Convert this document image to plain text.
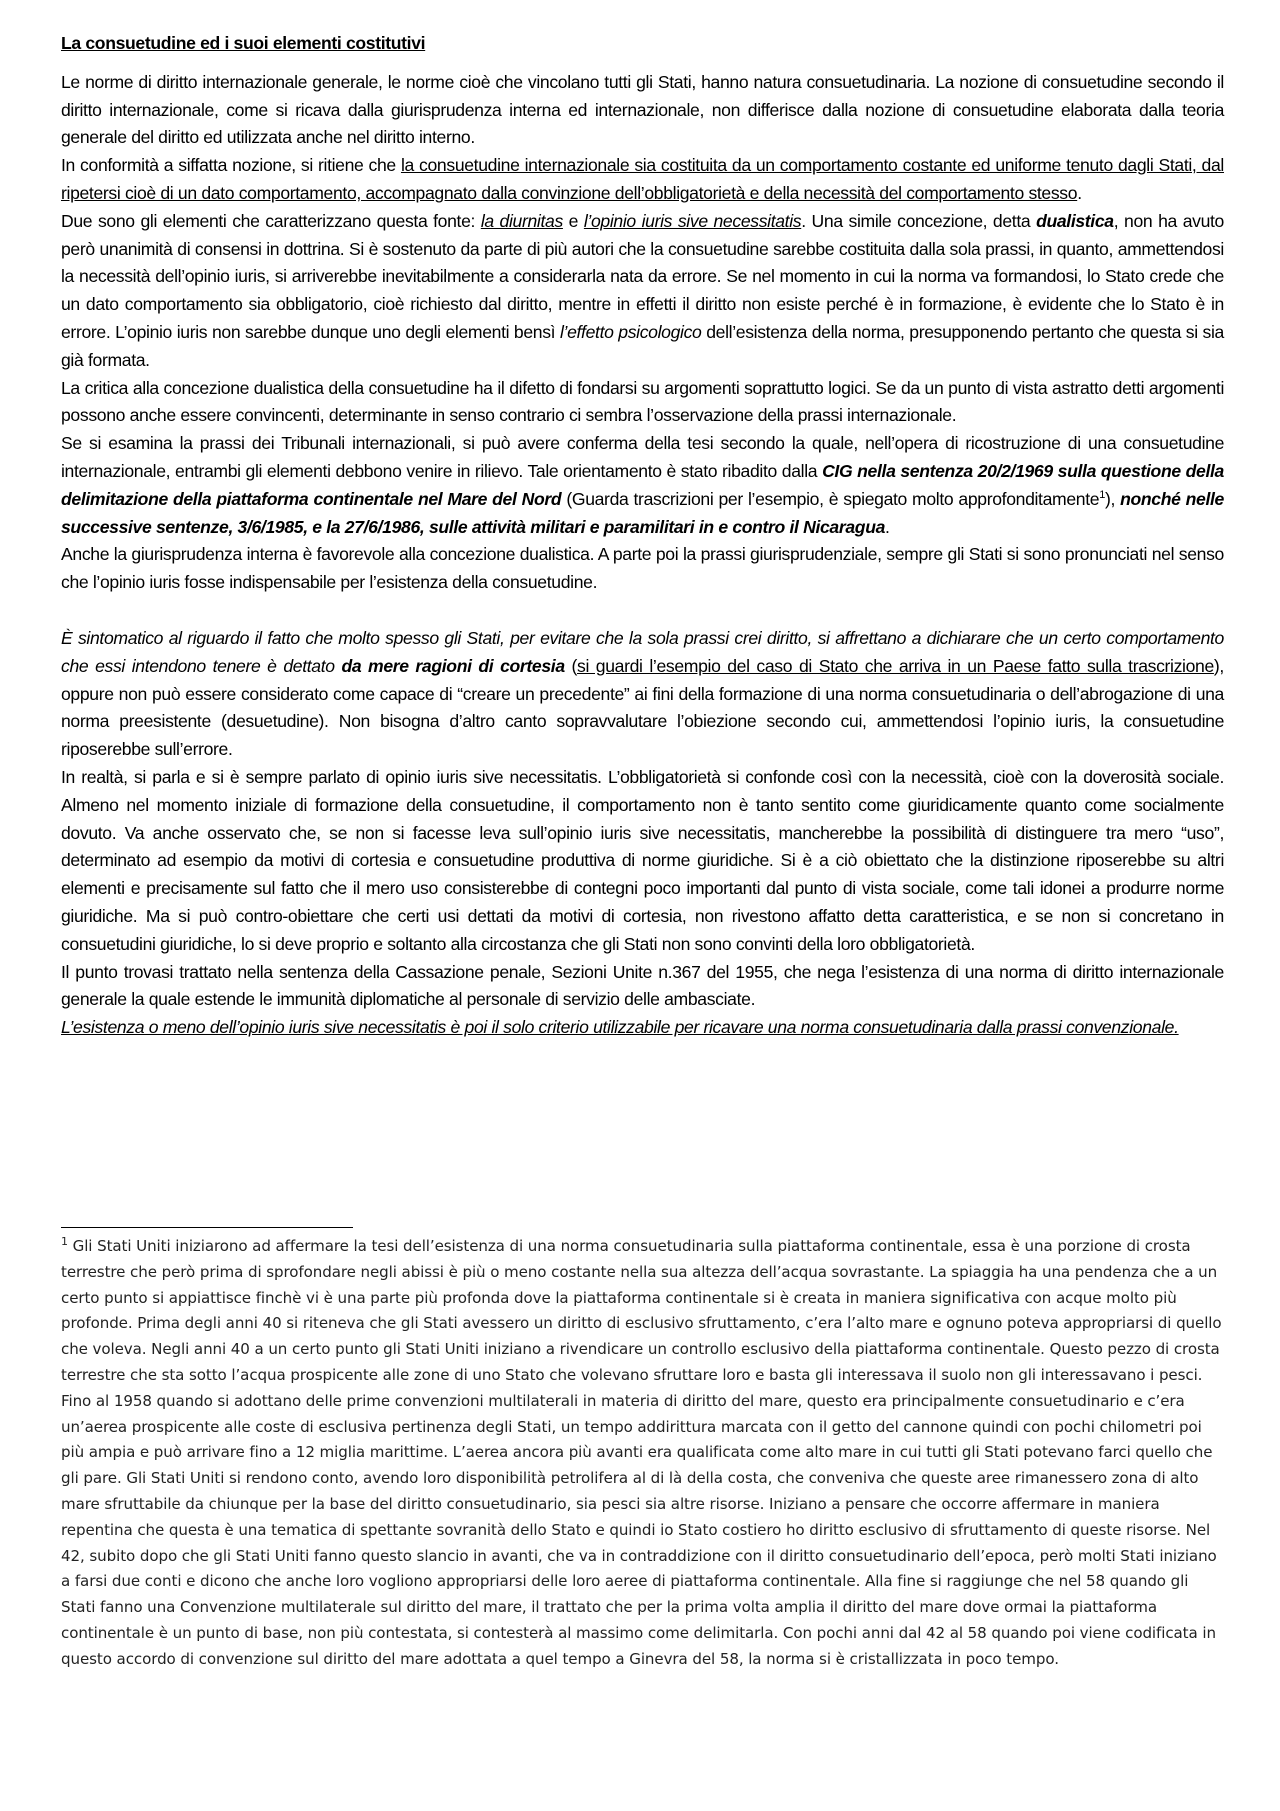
La consuetudine ed i suoi elementi costitutivi

Le norme di diritto internazionale generale, le norme cioè che vincolano tutti gli Stati, hanno natura consuetudinaria. La nozione di consuetudine secondo il diritto internazionale, come si ricava dalla giurisprudenza interna ed internazionale, non differisce dalla nozione di consuetudine elaborata dalla teoria generale del diritto ed utilizzata anche nel diritto interno.

In conformità a siffatta nozione, si ritiene che la consuetudine internazionale sia costituita da un comportamento costante ed uniforme tenuto dagli Stati, dal ripetersi cioè di un dato comportamento, accompagnato dalla convinzione dell’obbligatorietà e della necessità del comportamento stesso.

Due sono gli elementi che caratterizzano questa fonte: la diurnitas e l’opinio iuris sive necessitatis. Una simile concezione, detta dualistica, non ha avuto però unanimità di consensi in dottrina. Si è sostenuto da parte di più autori che la consuetudine sarebbe costituita dalla sola prassi, in quanto, ammettendosi la necessità dell’opinio iuris, si arriverebbe inevitabilmente a considerarla nata da errore. Se nel momento in cui la norma va formandosi, lo Stato crede che un dato comportamento sia obbligatorio, cioè richiesto dal diritto, mentre in effetti il diritto non esiste perché è in formazione, è evidente che lo Stato è in errore. L’opinio iuris non sarebbe dunque uno degli elementi bensì l’effetto psicologico dell’esistenza della norma, presupponendo pertanto che questa si sia già formata.

La critica alla concezione dualistica della consuetudine ha il difetto di fondarsi su argomenti soprattutto logici. Se da un punto di vista astratto detti argomenti possono anche essere convincenti, determinante in senso contrario ci sembra l’osservazione della prassi internazionale.

Se si esamina la prassi dei Tribunali internazionali, si può avere conferma della tesi secondo la quale, nell’opera di ricostruzione di una consuetudine internazionale, entrambi gli elementi debbono venire in rilievo. Tale orientamento è stato ribadito dalla CIG nella sentenza 20/2/1969 sulla questione della delimitazione della piattaforma continentale nel Mare del Nord (Guarda trascrizioni per l’esempio, è spiegato molto approfonditamente$^1$), nonché nelle successive sentenze, 3/6/1985, e la 27/6/1986, sulle attività militari e paramilitari in e contro il Nicaragua.

Anche la giurisprudenza interna è favorevole alla concezione dualistica. A parte poi la prassi giurisprudenziale, sempre gli Stati si sono pronunciati nel senso che l’opinio iuris fosse indispensabile per l’esistenza della consuetudine.

È sintomatico al riguardo il fatto che molto spesso gli Stati, per evitare che la sola prassi crei diritto, si affrettano a dichiarare che un certo comportamento che essi intendono tenere è dettato da mere ragioni di cortesia (si guardi l’esempio del caso di Stato che arriva in un Paese fatto sulla trascrizione), oppure non può essere considerato come capace di “creare un precedente” ai fini della formazione di una norma consuetudinaria o dell’abrogazione di una norma preesistente (desuetudine). Non bisogna d’altro canto sopravvalutare l’obiezione secondo cui, ammettendosi l’opinio iuris, la consuetudine riposerebbe sull’errore.

In realtà, si parla e si è sempre parlato di opinio iuris sive necessitatis. L’obbligatorietà si confonde così con la necessità, cioè con la doverosità sociale. Almeno nel momento iniziale di formazione della consuetudine, il comportamento non è tanto sentito come giuridicamente quanto come socialmente dovuto. Va anche osservato che, se non si facesse leva sull’opinio iuris sive necessitatis, mancherebbe la possibilità di distinguere tra mero “uso”, determinato ad esempio da motivi di cortesia e consuetudine produttiva di norme giuridiche. Si è a ciò obiettato che la distinzione riposerebbe su altri elementi e precisamente sul fatto che il mero uso consisterebbe di contegni poco importanti dal punto di vista sociale, come tali idonei a produrre norme giuridiche. Ma si può contro-obiettare che certi usi dettati da motivi di cortesia, non rivestono affatto detta caratteristica, e se non si concretano in consuetudini giuridiche, lo si deve proprio e soltanto alla circostanza che gli Stati non sono convinti della loro obbligatorietà.

Il punto trovasi trattato nella sentenza della Cassazione penale, Sezioni Unite n.367 del 1955, che nega l’esistenza di una norma di diritto internazionale generale la quale estende le immunità diplomatiche al personale di servizio delle ambasciate.

L’esistenza o meno dell’opinio iuris sive necessitatis è poi il solo criterio utilizzabile per ricavare una norma consuetudinaria dalla prassi convenzionale.

$^1$ Gli Stati Uniti iniziarono ad affermare la tesi dell’esistenza di una norma consuetudinaria sulla piattaforma continentale, essa è una porzione di crosta terrestre che però prima di sprofondare negli abissi è più o meno costante nella sua altezza dell’acqua sovrastante. La spiaggia ha una pendenza che a un certo punto si appiattisce finchè vi è una parte più profonda dove la piattaforma continentale si è creata in maniera significativa con acque molto più profonde. Prima degli anni 40 si riteneva che gli Stati avessero un diritto di esclusivo sfruttamento, c’era l’alto mare e ognuno poteva appropriarsi di quello che voleva. Negli anni 40 a un certo punto gli Stati Uniti iniziano a rivendicare un controllo esclusivo della piattaforma continentale. Questo pezzo di crosta terrestre che sta sotto l’acqua prospicente alle zone di uno Stato che volevano sfruttare loro e basta gli interessava il suolo non gli interessavano i pesci. Fino al 1958 quando si adottano delle prime convenzioni multilaterali in materia di diritto del mare, questo era principalmente consuetudinario e c’era un’aerea prospicente alle coste di esclusiva pertinenza degli Stati, un tempo addirittura marcata con il getto del cannone quindi con pochi chilometri poi più ampia e può arrivare fino a 12 miglia marittime. L’aerea ancora più avanti era qualificata come alto mare in cui tutti gli Stati potevano farci quello che gli pare. Gli Stati Uniti si rendono conto, avendo loro disponibilità petrolifera al di là della costa, che conveniva che queste aree rimanessero zona di alto mare sfruttabile da chiunque per la base del diritto consuetudinario, sia pesci sia altre risorse. Iniziano a pensare che occorre affermare in maniera repentina che questa è una tematica di spettante sovranità dello Stato e quindi io Stato costiero ho diritto esclusivo di sfruttamento di queste risorse. Nel 42, subito dopo che gli Stati Uniti fanno questo slancio in avanti, che va in contraddizione con il diritto consuetudinario dell’epoca, però molti Stati iniziano a farsi due conti e dicono che anche loro vogliono appropriarsi delle loro aeree di piattaforma continentale. Alla fine si raggiunge che nel 58 quando gli Stati fanno una Convenzione multilaterale sul diritto del mare, il trattato che per la prima volta amplia il diritto del mare dove ormai la piattaforma continentale è un punto di base, non più contestata, si contesterà al massimo come delimitarla. Con pochi anni dal 42 al 58 quando poi viene codificata in questo accordo di convenzione sul diritto del mare adottata a quel tempo a Ginevra del 58, la norma si è cristallizzata in poco tempo.
